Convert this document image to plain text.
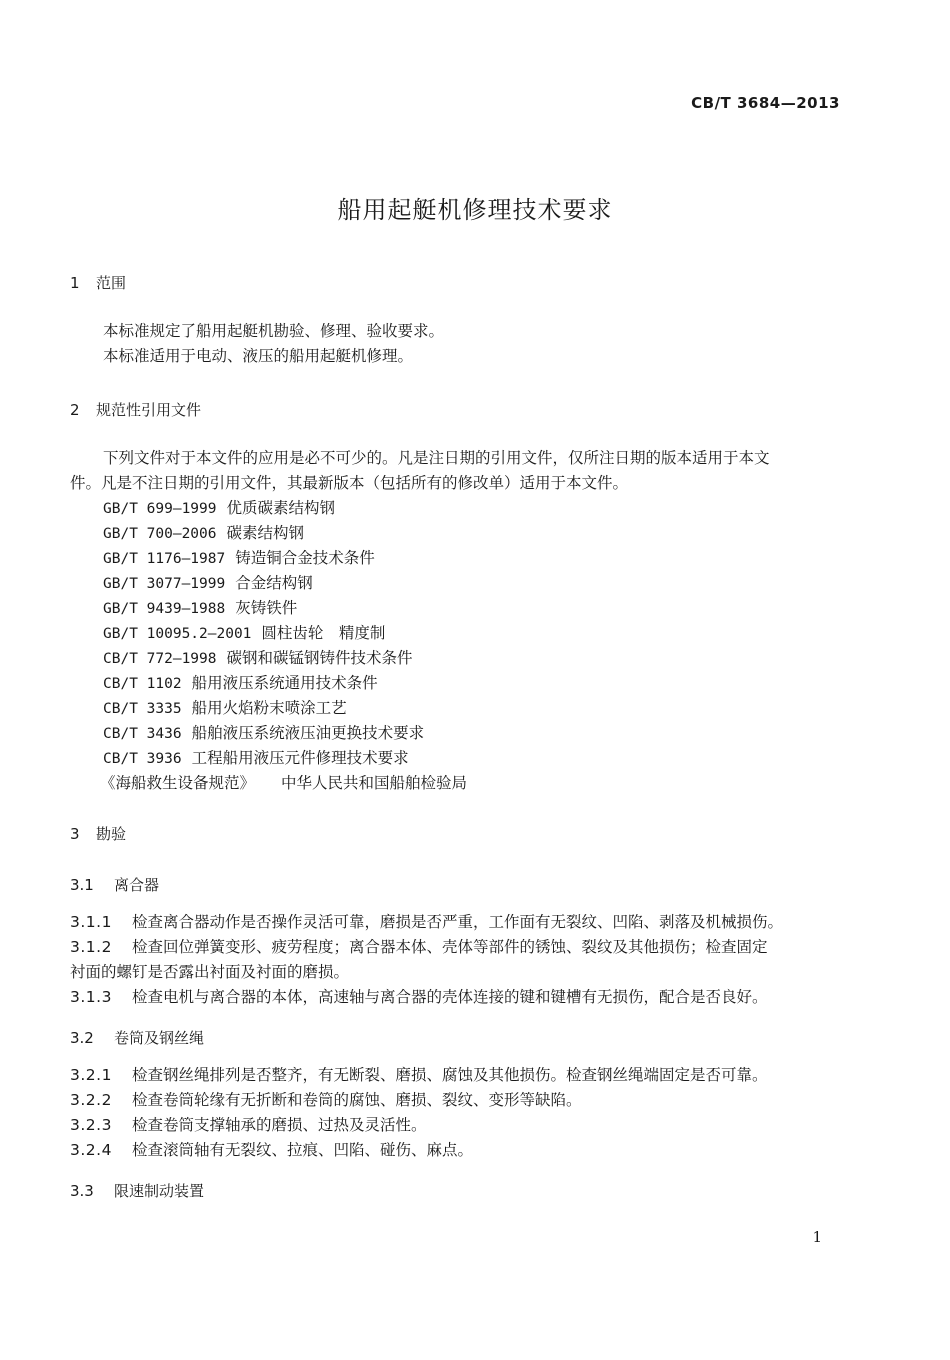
CB/T 3684—2013
船用起艇机修理技术要求
1 范围
本标准规定了船用起艇机勘验、修理、验收要求。
本标准适用于电动、液压的船用起艇机修理。
2 规范性引用文件
下列文件对于本文件的应用是必不可少的。凡是注日期的引用文件，仅所注日期的版本适用于本文
件。凡是不注日期的引用文件，其最新版本（包括所有的修改单）适用于本文件。
GB/T 699—1999 优质碳素结构钢
GB/T 700—2006 碳素结构钢
GB/T 1176—1987 铸造铜合金技术条件
GB/T 3077—1999 合金结构钢
GB/T 9439—1988 灰铸铁件
GB/T 10095.2—2001 圆柱齿轮　精度制
CB/T 772—1998 碳钢和碳锰钢铸件技术条件
CB/T 1102 船用液压系统通用技术条件
CB/T 3335 船用火焰粉末喷涂工艺
CB/T 3436 船舶液压系统液压油更换技术要求
CB/T 3936 工程船用液压元件修理技术要求
《海船救生设备规范》 中华人民共和国船舶检验局
3 勘验
3.1 离合器
3.1.1 检查离合器动作是否操作灵活可靠，磨损是否严重，工作面有无裂纹、凹陷、剥落及机械损伤。
3.1.2 检查回位弹簧变形、疲劳程度；离合器本体、壳体等部件的锈蚀、裂纹及其他损伤；检查固定
衬面的螺钉是否露出衬面及衬面的磨损。
3.1.3 检查电机与离合器的本体，高速轴与离合器的壳体连接的键和键槽有无损伤，配合是否良好。
3.2 卷筒及钢丝绳
3.2.1 检查钢丝绳排列是否整齐，有无断裂、磨损、腐蚀及其他损伤。检查钢丝绳端固定是否可靠。
3.2.2 检查卷筒轮缘有无折断和卷筒的腐蚀、磨损、裂纹、变形等缺陷。
3.2.3 检查卷筒支撑轴承的磨损、过热及灵活性。
3.2.4 检查滚筒轴有无裂纹、拉痕、凹陷、碰伤、麻点。
3.3 限速制动装置
1
